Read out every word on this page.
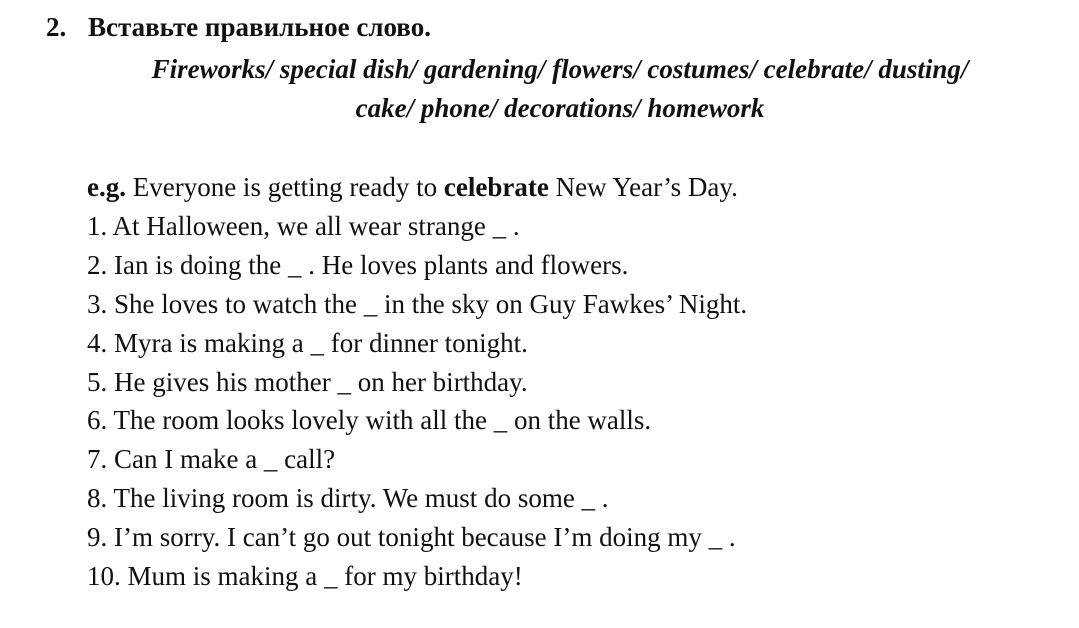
2. Вставьте правильное слово.
Fireworks/ special dish/ gardening/ flowers/ costumes/ celebrate/ dusting/
cake/ phone/ decorations/ homework
e.g. Everyone is getting ready to celebrate New Year’s Day.
1. At Halloween, we all wear strange _ .
2. Ian is doing the _ . He loves plants and flowers.
3. She loves to watch the _ in the sky on Guy Fawkes’ Night.
4. Myra is making a _ for dinner tonight.
5. He gives his mother _ on her birthday.
6. The room looks lovely with all the _ on the walls.
7. Can I make a _ call?
8. The living room is dirty. We must do some _ .
9. I’m sorry. I can’t go out tonight because I’m doing my _ .
10. Mum is making a _ for my birthday!
